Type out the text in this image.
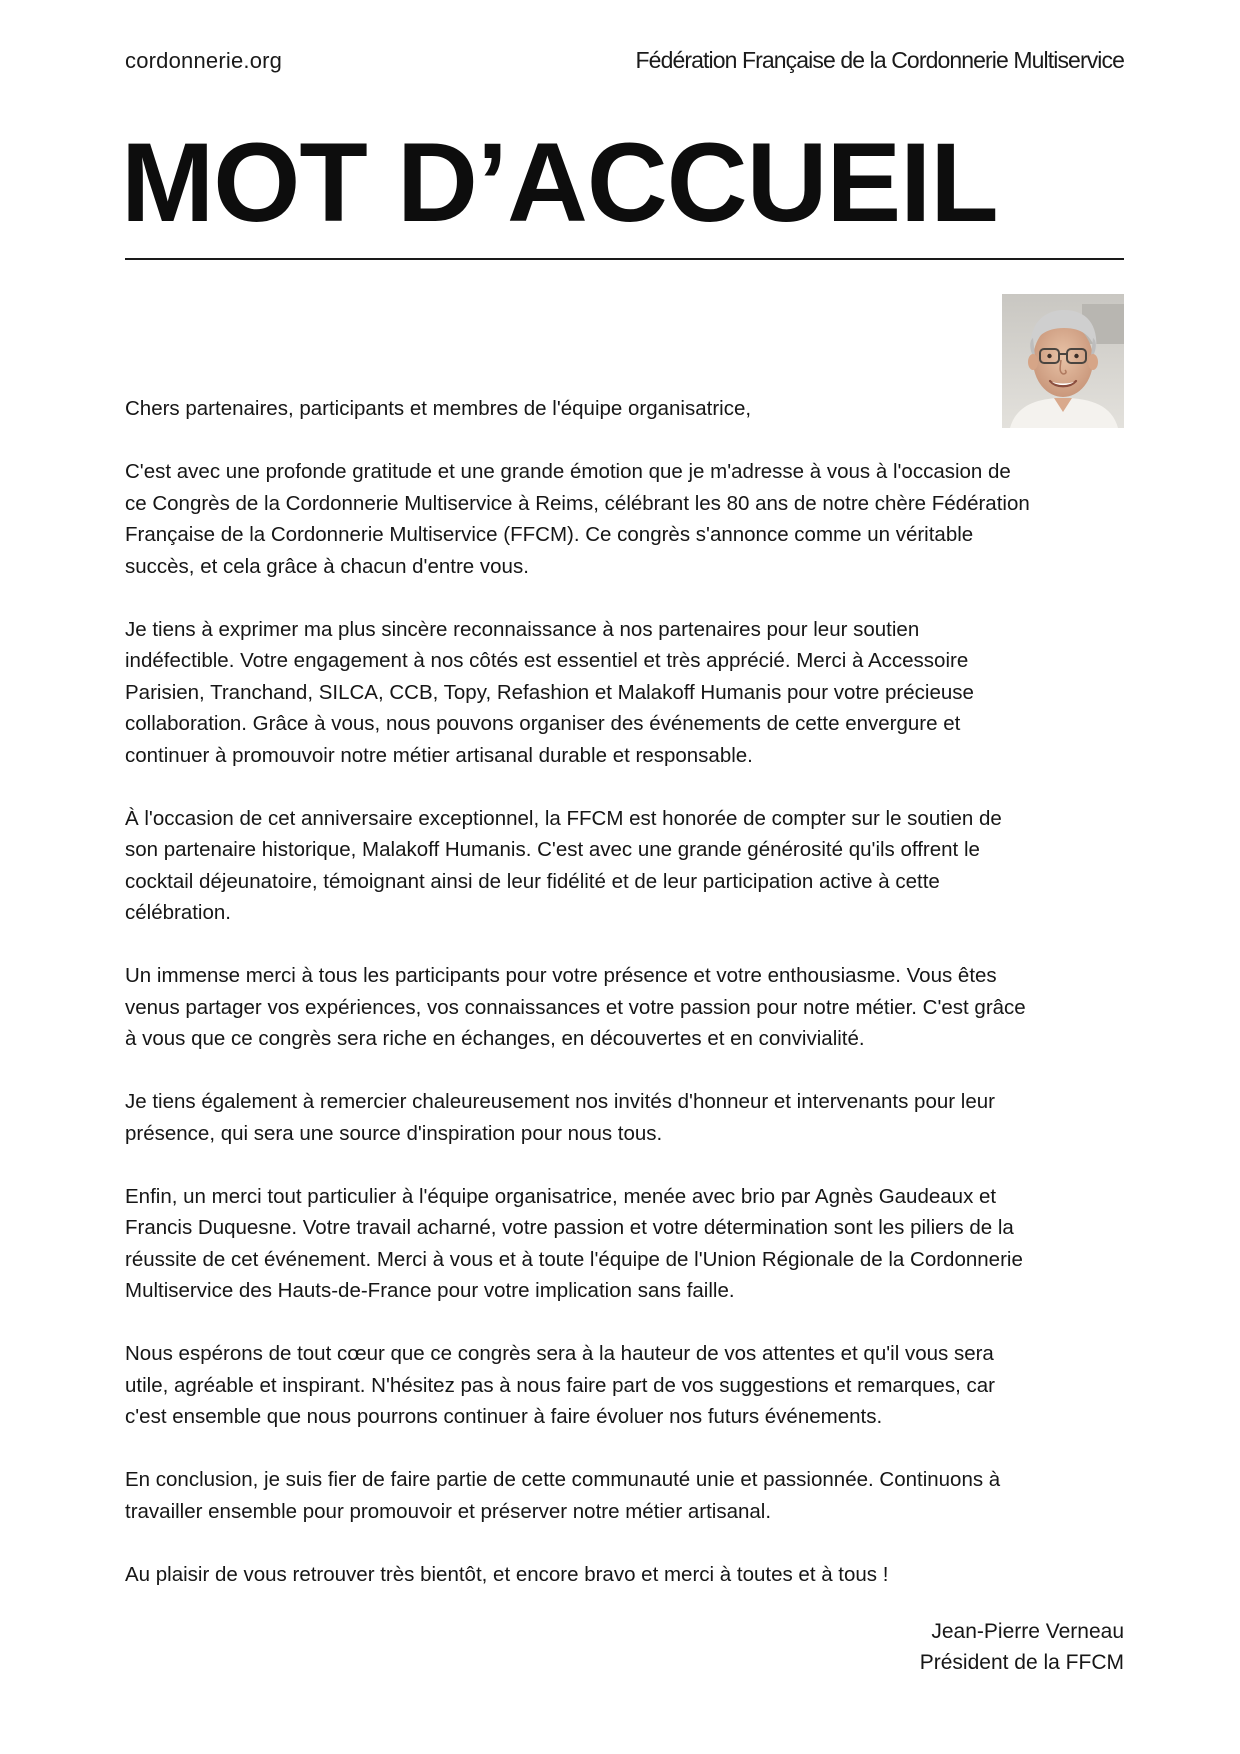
cordonnerie.org	Fédération Française de la Cordonnerie Multiservice
MOT D’ACCUEIL

Chers partenaires, participants et membres de l'équipe organisatrice,

C'est avec une profonde gratitude et une grande émotion que je m'adresse à vous à l'occasion de
ce Congrès de la Cordonnerie Multiservice à Reims, célébrant les 80 ans de notre chère Fédération
Française de la Cordonnerie Multiservice (FFCM). Ce congrès s'annonce comme un véritable
succès, et cela grâce à chacun d'entre vous.

Je tiens à exprimer ma plus sincère reconnaissance à nos partenaires pour leur soutien
indéfectible. Votre engagement à nos côtés est essentiel et très apprécié. Merci à Accessoire
Parisien, Tranchand, SILCA, CCB, Topy, Refashion et Malakoff Humanis pour votre précieuse
collaboration. Grâce à vous, nous pouvons organiser des événements de cette envergure et
continuer à promouvoir notre métier artisanal durable et responsable.

À l'occasion de cet anniversaire exceptionnel, la FFCM est honorée de compter sur le soutien de
son partenaire historique, Malakoff Humanis. C'est avec une grande générosité qu'ils offrent le
cocktail déjeunatoire, témoignant ainsi de leur fidélité et de leur participation active à cette
célébration.

Un immense merci à tous les participants pour votre présence et votre enthousiasme. Vous êtes
venus partager vos expériences, vos connaissances et votre passion pour notre métier. C'est grâce
à vous que ce congrès sera riche en échanges, en découvertes et en convivialité.

Je tiens également à remercier chaleureusement nos invités d'honneur et intervenants pour leur
présence, qui sera une source d'inspiration pour nous tous.

Enfin, un merci tout particulier à l'équipe organisatrice, menée avec brio par Agnès Gaudeaux et
Francis Duquesne. Votre travail acharné, votre passion et votre détermination sont les piliers de la
réussite de cet événement. Merci à vous et à toute l'équipe de l'Union Régionale de la Cordonnerie
Multiservice des Hauts-de-France pour votre implication sans faille.

Nous espérons de tout cœur que ce congrès sera à la hauteur de vos attentes et qu'il vous sera
utile, agréable et inspirant. N'hésitez pas à nous faire part de vos suggestions et remarques, car
c'est ensemble que nous pourrons continuer à faire évoluer nos futurs événements.

En conclusion, je suis fier de faire partie de cette communauté unie et passionnée. Continuons à
travailler ensemble pour promouvoir et préserver notre métier artisanal.

Au plaisir de vous retrouver très bientôt, et encore bravo et merci à toutes et à tous !

Jean-Pierre Verneau
Président de la FFCM
